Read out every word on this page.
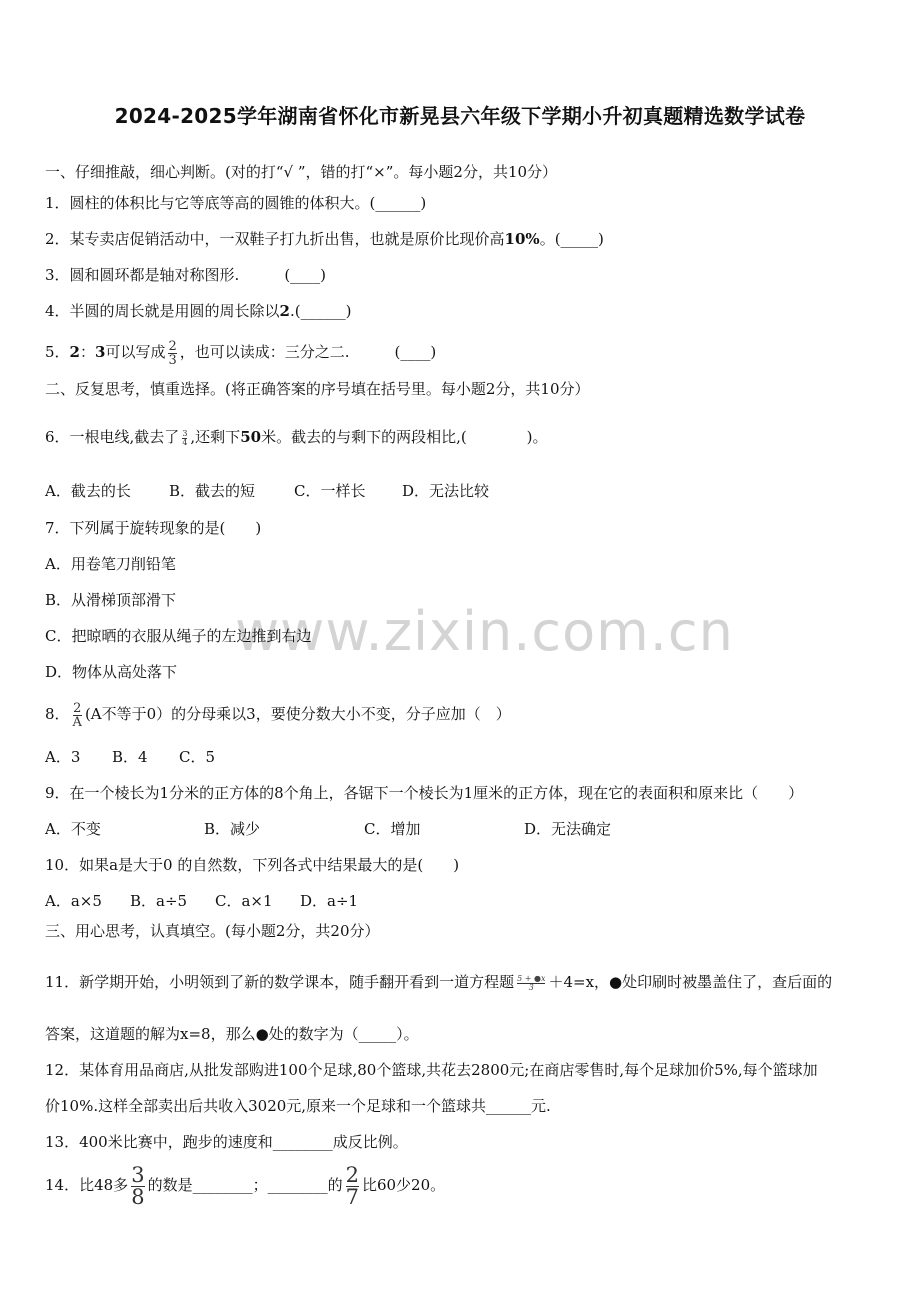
www.zixin.com.cn
2024-2025学年湖南省怀化市新晃县六年级下学期小升初真题精选数学试卷
一、仔细推敲，细心判断。(对的打“√ ”，错的打“×”。每小题2分，共10分）
1．圆柱的体积比与它等底等高的圆锥的体积大。(______)
2．某专卖店促销活动中，一双鞋子打九折出售，也就是原价比现价高10%。(_____)
3．圆和圆环都是轴对称图形.　　　(____)
4．半圆的周长就是用圆的周长除以2.(______)
5．2：3可以写成 $\frac{2}{3}$ ，也可以读成：三分之二.　　　(____)
二、反复思考，慎重选择。(将正确答案的序号填在括号里。每小题2分，共10分）
6．一根电线,截去了 $\frac{3}{4}$ ,还剩下50米。截去的与剩下的两段相比,(　　　　)。
A．截去的长	B．截去的短	C．一样长 D．无法比较
7．下列属于旋转现象的是(　　)
A．用卷笔刀削铅笔
B．从滑梯顶部滑下
C．把晾晒的衣服从绳子的左边推到右边
D．物体从高处落下
8． $\frac{2}{A} (A$不等于0）的分母乘以3，要使分数大小不变，分子应加（　）
A．3 B．4 C．5
9．在一个棱长为1分米的正方体的8个角上，各锯下一个棱长为1厘米的正方体，现在它的表面积和原来比（　　）
A．不变	B．减少	C．增加	D．无法确定
10．如果a是大于0 的自然数，下列各式中结果最大的是(　　)
A．a×5 B．a÷5 C．a×1 D．a÷1
三、用心思考，认真填空。(每小题2分，共20分）
11．新学期开始，小明领到了新的数学课本，随手翻开看到一道方程题 $\frac{5 + ●x}{3} +4=x$，●处印刷时被墨盖住了，查后面的
答案，这道题的解为x=8，那么●处的数字为（_____）。
12．某体育用品商店,从批发部购进100个足球,80个篮球,共花去2800元;在商店零售时,每个足球加价5%,每个篮球加
价10%.这样全部卖出后共收入3020元,原来一个足球和一个篮球共______元.
13．400米比赛中，跑步的速度和________成反比例。
14．比48多 $\frac{3}{8}$ 的数是________；________的 $\frac{2}{7}$ 比60少20。
